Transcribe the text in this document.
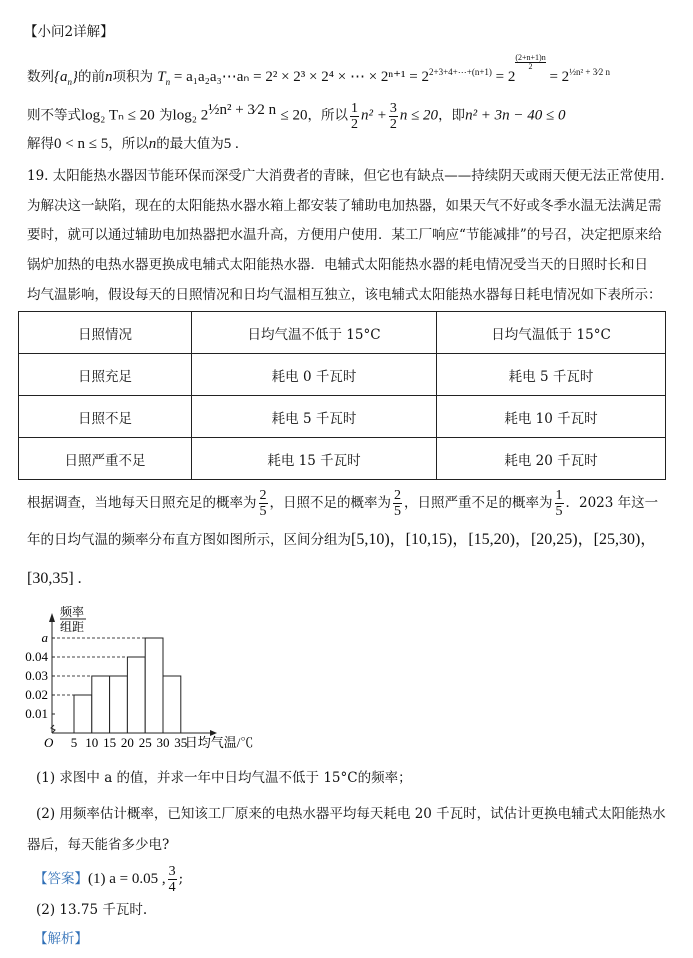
【小问2详解】
数列$\{a_n\}$的前n项积为 $T_n$ = a₁a₂a₃⋯aₙ = 2² × 2³ × 2⁴ × ⋯ × $2^{n+1} = 2^{2+3+4+\cdots+(n+1)} = 2$
$\frac{(2+n+1)n}{2}$
= $2^{\frac{1}{2}n^2 + 3⁄2 n}$
则不等式log₂ Tₙ ≤ 20 为log₂ $2^{\frac{1}{2}n^2 + 3⁄2 n} \le 20$，所以 $\frac{1}{2} n^2 + \frac{3}{2}$ n ≤ 20，即n² + 3n − 40 ≤ 0
解得0 < n ≤ 5，所以n的最大值为5 .
19. 太阳能热水器因节能环保而深受广大消费者的青睐，但它也有缺点——持续阴天或雨天便无法正常使用.
为解决这一缺陷，现在的太阳能热水器水箱上都安装了辅助电加热器，如果天气不好或冬季水温无法满足需
要时，就可以通过辅助电加热器把水温升高，方便用户使用．某工厂响应“节能减排”的号召，决定把原来给
锅炉加热的电热水器更换成电辅式太阳能热水器．电辅式太阳能热水器的耗电情况受当天的日照时长和日
均气温影响，假设每天的日照情况和日均气温相互独立，该电辅式太阳能热水器每日耗电情况如下表所示：
日照情况	日均气温不低于 15°C	日均气温低于 15°C
日照充足	耗电 0 千瓦时	耗电 5 千瓦时
日照不足	耗电 5 千瓦时	耗电 10 千瓦时
日照严重不足	耗电 15 千瓦时	耗电 20 千瓦时
根据调查，当地每天日照充足的概率为 $\frac{2}{5}$ ，日照不足的概率为 $\frac{2}{5}$ ，日照严重不足的概率为 $\frac{1}{5}$ ．2023 年这一
年的日均气温的频率分布直方图如图所示，区间分组为[5,10)，[10,15)，[15,20)，[20,25)，[25,30)，
[30,35] .
0.01
0.02
0.03
0.04
a
5 10 15 20 25 30 35
日均气温/℃
O
频率
组距
(1) 求图中 a 的值，并求一年中日均气温不低于 15°C的频率；
(2) 用频率估计概率，已知该工厂原来的电热水器平均每天耗电 20 千瓦时，试估计更换电辅式太阳能热水
器后，每天能省多少电?
【答案】(1) a = 0.05 , $\frac{3}{4}$ ;
(2) 13.75 千瓦时.
【解析】
